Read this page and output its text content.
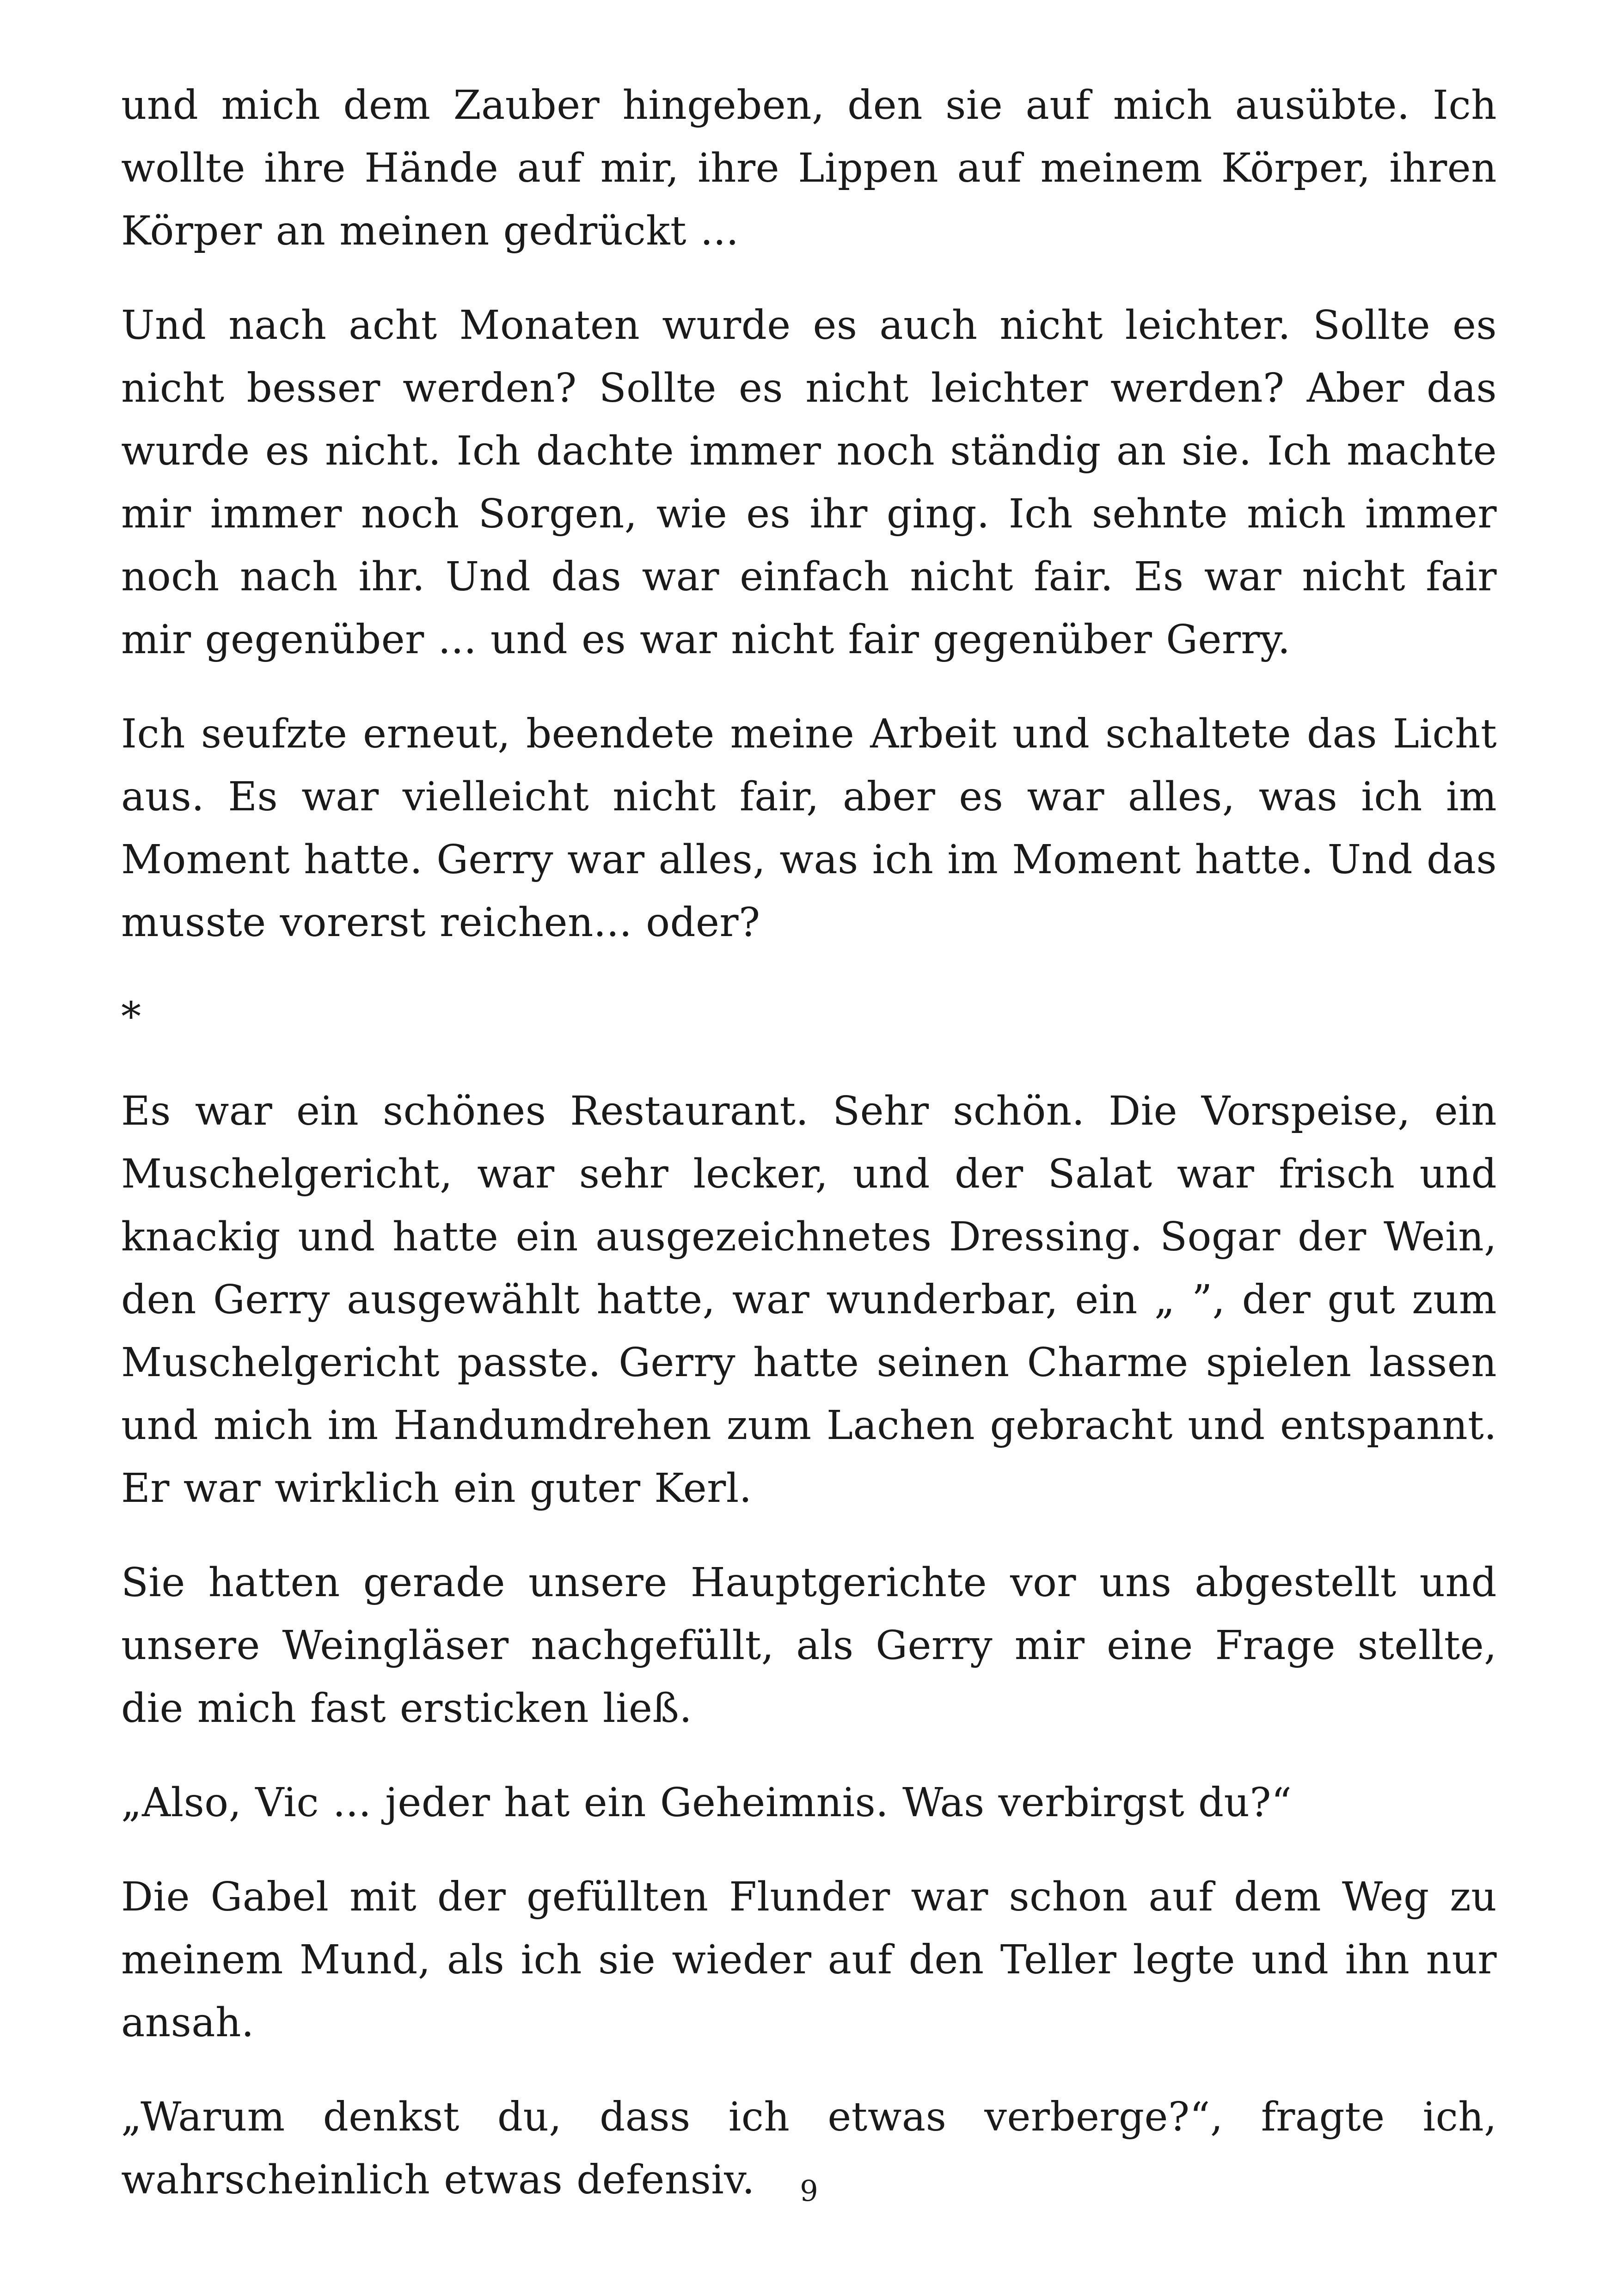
und mich dem Zauber hingeben, den sie auf mich ausübte. Ich wollte ihre Hände auf mir, ihre Lippen auf meinem Körper, ihren Körper an meinen gedrückt ...

Und nach acht Monaten wurde es auch nicht leichter. Sollte es nicht besser werden? Sollte es nicht leichter werden? Aber das wurde es nicht. Ich dachte immer noch ständig an sie. Ich machte mir immer noch Sorgen, wie es ihr ging. Ich sehnte mich immer noch nach ihr. Und das war einfach nicht fair. Es war nicht fair mir gegenüber ... und es war nicht fair gegenüber Gerry.

Ich seufzte erneut, beendete meine Arbeit und schaltete das Licht aus. Es war vielleicht nicht fair, aber es war alles, was ich im Moment hatte. Gerry war alles, was ich im Moment hatte. Und das musste vorerst reichen... oder?

*

Es war ein schönes Restaurant. Sehr schön. Die Vorspeise, ein Muschelgericht, war sehr lecker, und der Salat war frisch und knackig und hatte ein ausgezeichnetes Dressing. Sogar der Wein, den Gerry ausgewählt hatte, war wunderbar, ein „ ”, der gut zum Muschelgericht passte. Gerry hatte seinen Charme spielen lassen und mich im Handumdrehen zum Lachen gebracht und entspannt. Er war wirklich ein guter Kerl.

Sie hatten gerade unsere Hauptgerichte vor uns abgestellt und unsere Weingläser nachgefüllt, als Gerry mir eine Frage stellte, die mich fast ersticken ließ.

„Also, Vic ... jeder hat ein Geheimnis. Was verbirgst du?“

Die Gabel mit der gefüllten Flunder war schon auf dem Weg zu meinem Mund, als ich sie wieder auf den Teller legte und ihn nur ansah.

„Warum denkst du, dass ich etwas verberge?“, fragte ich, wahrscheinlich etwas defensiv.	9
